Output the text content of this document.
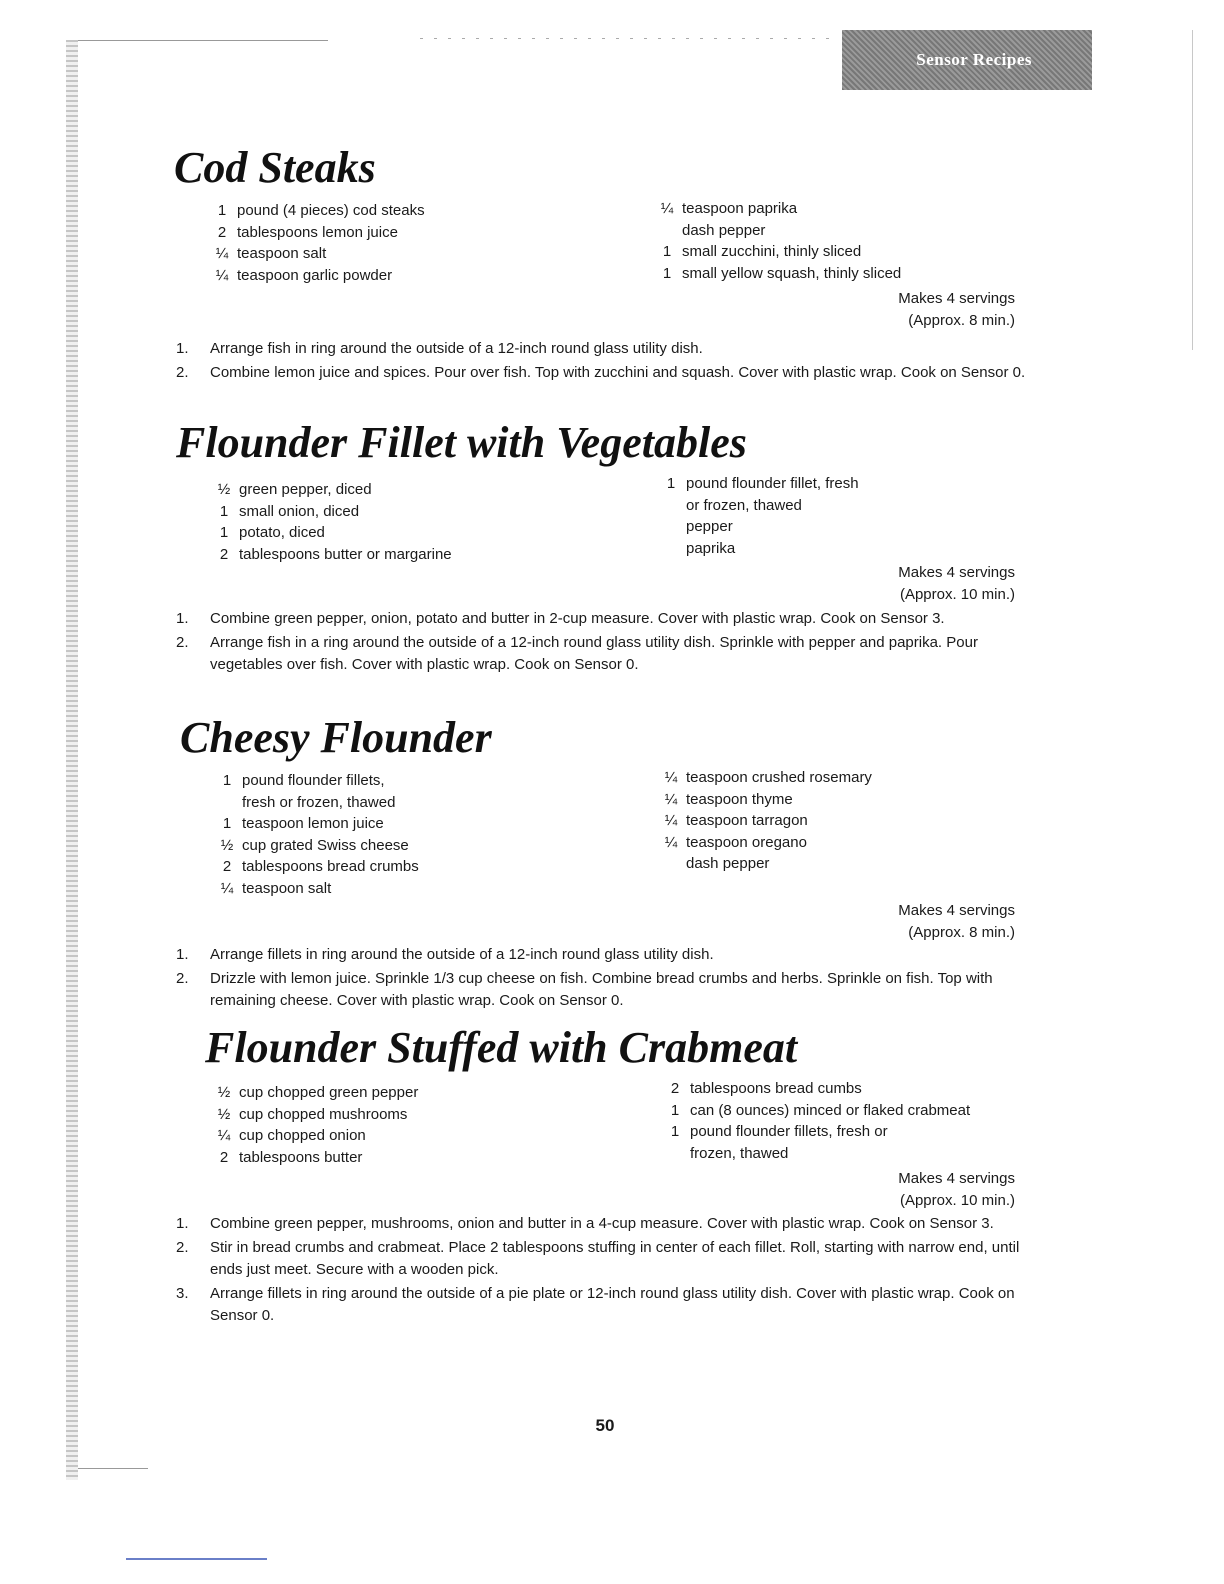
Sensor Recipes
Cod Steaks
1 pound (4 pieces) cod steaks
2 tablespoons lemon juice
¼ teaspoon salt
¼ teaspoon garlic powder
¼ teaspoon paprika
dash pepper
1 small zucchini, thinly sliced
1 small yellow squash, thinly sliced
Makes 4 servings
(Approx. 8 min.)
1.	Arrange fish in ring around the outside of a 12-inch round glass utility dish.
2.	Combine lemon juice and spices. Pour over fish. Top with zucchini and squash. Cover with plastic wrap. Cook on Sensor 0.
Flounder Fillet with Vegetables
½ green pepper, diced
1 small onion, diced
1 potato, diced
2 tablespoons butter or margarine
1 pound flounder fillet, fresh
or frozen, thawed
pepper
paprika
Makes 4 servings
(Approx. 10 min.)
1.	Combine green pepper, onion, potato and butter in 2-cup measure. Cover with plastic wrap. Cook on Sensor 3.
2.	Arrange fish in a ring around the outside of a 12-inch round glass utility dish. Sprinkle with pepper and paprika. Pour vegetables over fish. Cover with plastic wrap. Cook on Sensor 0.
Cheesy Flounder
1 pound flounder fillets,
fresh or frozen, thawed
1 teaspoon lemon juice
½ cup grated Swiss cheese
2 tablespoons bread crumbs
¼ teaspoon salt
¼ teaspoon crushed rosemary
¼ teaspoon thyme
¼ teaspoon tarragon
¼ teaspoon oregano
dash pepper
Makes 4 servings
(Approx. 8 min.)
1.	Arrange fillets in ring around the outside of a 12-inch round glass utility dish.
2.	Drizzle with lemon juice. Sprinkle 1/3 cup cheese on fish. Combine bread crumbs and herbs. Sprinkle on fish. Top with remaining cheese. Cover with plastic wrap. Cook on Sensor 0.
Flounder Stuffed with Crabmeat
½ cup chopped green pepper
½ cup chopped mushrooms
¼ cup chopped onion
2 tablespoons butter
2 tablespoons bread cumbs
1 can (8 ounces) minced or flaked crabmeat
1 pound flounder fillets, fresh or
frozen, thawed
Makes 4 servings
(Approx. 10 min.)
1.	Combine green pepper, mushrooms, onion and butter in a 4-cup measure. Cover with plastic wrap. Cook on Sensor 3.
2.	Stir in bread crumbs and crabmeat. Place 2 tablespoons stuffing in center of each fillet. Roll, starting with narrow end, until ends just meet. Secure with a wooden pick.
3.	Arrange fillets in ring around the outside of a pie plate or 12-inch round glass utility dish. Cover with plastic wrap. Cook on Sensor 0.
50
